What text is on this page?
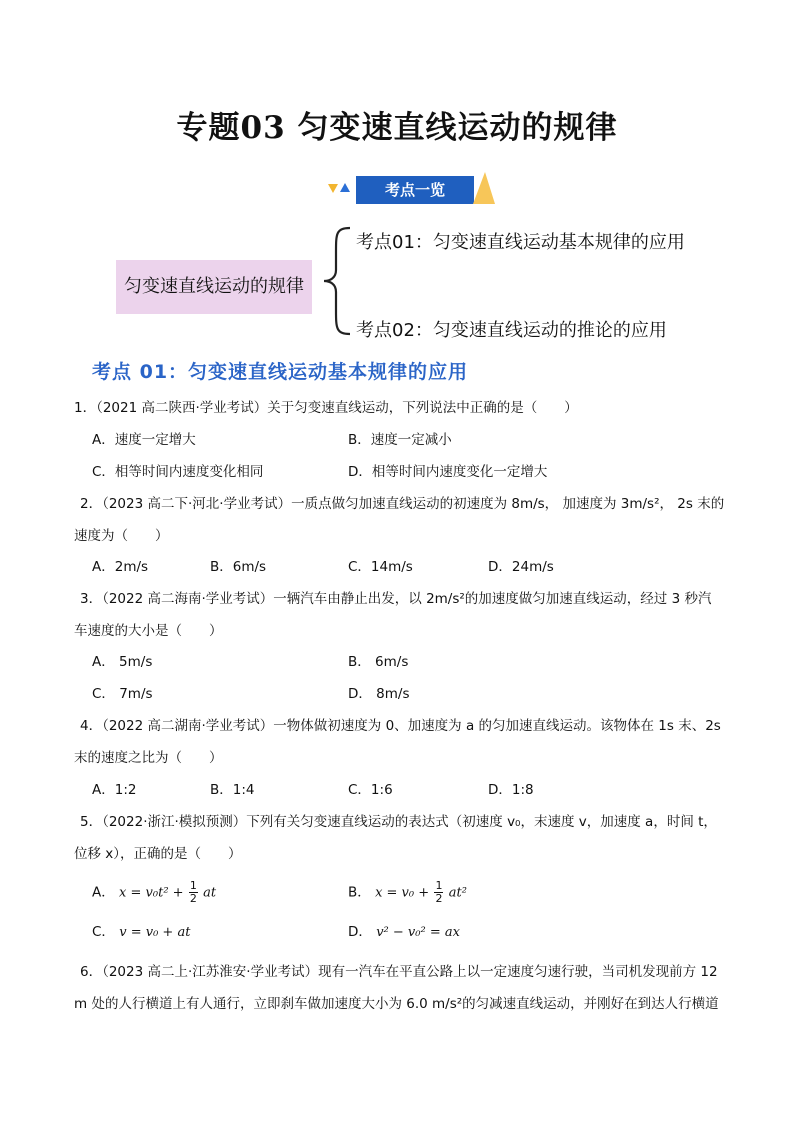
专题03 匀变速直线运动的规律
考点一览
匀变速直线运动的规律
考点01：匀变速直线运动基本规律的应用
考点02：匀变速直线运动的推论的应用
考点 01：匀变速直线运动基本规律的应用
1．（2021 高二陕西·学业考试）关于匀变速直线运动，下列说法中正确的是（　　）
A．速度一定增大	B．速度一定减小
C．相等时间内速度变化相同	D．相等时间内速度变化一定增大
2．（2023 高二下·河北·学业考试）一质点做匀加速直线运动的初速度为 8m/s， 加速度为 3m/s²， 2s 末的
速度为（　　）
A．2m/s	B．6m/s	C．14m/s	D．24m/s
3．（2022 高二海南·学业考试）一辆汽车由静止出发，以 2m/s²的加速度做匀加速直线运动，经过 3 秒汽
车速度的大小是（　　）
A． 5m/s	B． 6m/s
C． 7m/s	D． 8m/s
4．（2022 高二湖南·学业考试）一物体做初速度为 0、加速度为 a 的匀加速直线运动。该物体在 1s 末、2s
末的速度之比为（　　）
A．1:2	B．1:4	C．1:6	D．1:8
5．（2022·浙江·模拟预测）下列有关匀变速直线运动的表达式（初速度 v₀，末速度 v，加速度 a，时间 t，
位移 x），正确的是（　　）
A． $x = v_0t^2 + \frac{1}{2}$ at	B． $x = v_0 + \frac{1}{2} at^2$
C． v = v₀ + at	D． v² − v₀² = ax
6．（2023 高二上·江苏淮安·学业考试）现有一汽车在平直公路上以一定速度匀速行驶，当司机发现前方 12
m 处的人行横道上有人通行，立即刹车做加速度大小为 6.0 m/s²的匀减速直线运动，并刚好在到达人行横道
